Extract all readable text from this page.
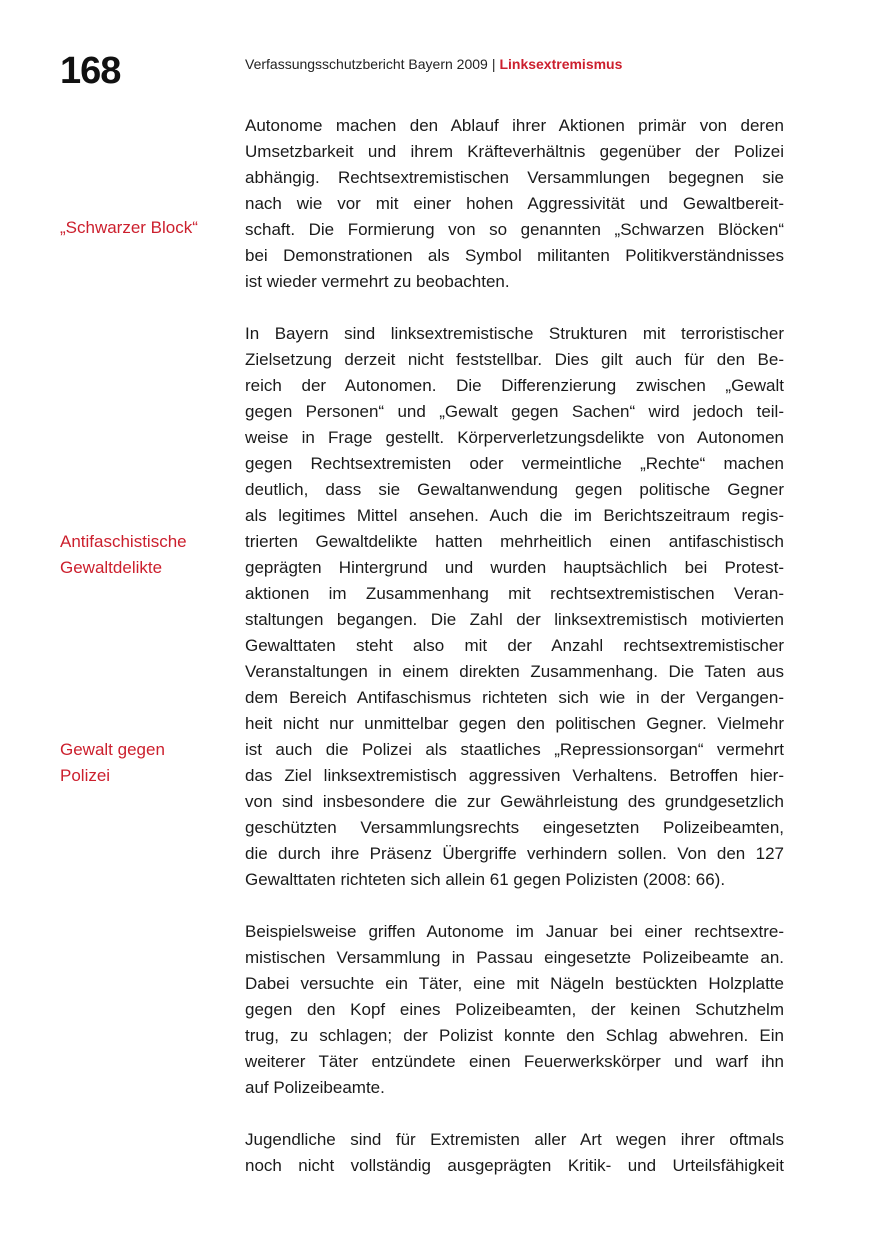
168	Verfassungsschutzbericht Bayern 2009 | Linksextremismus
„Schwarzer Block“
Antifaschistische
Gewaltdelikte
Gewalt gegen
Polizei
Autonome machen den Ablauf ihrer Aktionen primär von deren
Umsetzbarkeit und ihrem Kräfteverhältnis gegenüber der Polizei
abhängig. Rechtsextremistischen Versammlungen begegnen sie
nach wie vor mit einer hohen Aggressivität und Gewaltbereit-
schaft. Die Formierung von so genannten „Schwarzen Blöcken“
bei Demonstrationen als Symbol militanten Politikverständnisses
ist wieder vermehrt zu beobachten.
In Bayern sind linksextremistische Strukturen mit terroristischer
Zielsetzung derzeit nicht feststellbar. Dies gilt auch für den Be-
reich der Autonomen. Die Differenzierung zwischen „Gewalt
gegen Personen“ und „Gewalt gegen Sachen“ wird jedoch teil-
weise in Frage gestellt. Körperverletzungsdelikte von Autonomen
gegen Rechtsextremisten oder vermeintliche „Rechte“ machen
deutlich, dass sie Gewaltanwendung gegen politische Gegner
als legitimes Mittel ansehen. Auch die im Berichtszeitraum regis-
trierten Gewaltdelikte hatten mehrheitlich einen antifaschistisch
geprägten Hintergrund und wurden hauptsächlich bei Protest-
aktionen im Zusammenhang mit rechtsextremistischen Veran-
staltungen begangen. Die Zahl der linksextremistisch motivierten
Gewalttaten steht also mit der Anzahl rechtsextremistischer
Veranstaltungen in einem direkten Zusammenhang. Die Taten aus
dem Bereich Antifaschismus richteten sich wie in der Vergangen-
heit nicht nur unmittelbar gegen den politischen Gegner. Vielmehr
ist auch die Polizei als staatliches „Repressionsorgan“ vermehrt
das Ziel linksextremistisch aggressiven Verhaltens. Betroffen hier-
von sind insbesondere die zur Gewährleistung des grundgesetzlich
geschützten Versammlungsrechts eingesetzten Polizeibeamten,
die durch ihre Präsenz Übergriffe verhindern sollen. Von den 127
Gewalttaten richteten sich allein 61 gegen Polizisten (2008: 66).
Beispielsweise griffen Autonome im Januar bei einer rechtsextre-
mistischen Versammlung in Passau eingesetzte Polizeibeamte an.
Dabei versuchte ein Täter, eine mit Nägeln bestückten Holzplatte
gegen den Kopf eines Polizeibeamten, der keinen Schutzhelm
trug, zu schlagen; der Polizist konnte den Schlag abwehren. Ein
weiterer Täter entzündete einen Feuerwerkskörper und warf ihn
auf Polizeibeamte.
Jugendliche sind für Extremisten aller Art wegen ihrer oftmals
noch nicht vollständig ausgeprägten Kritik- und Urteilsfähigkeit
